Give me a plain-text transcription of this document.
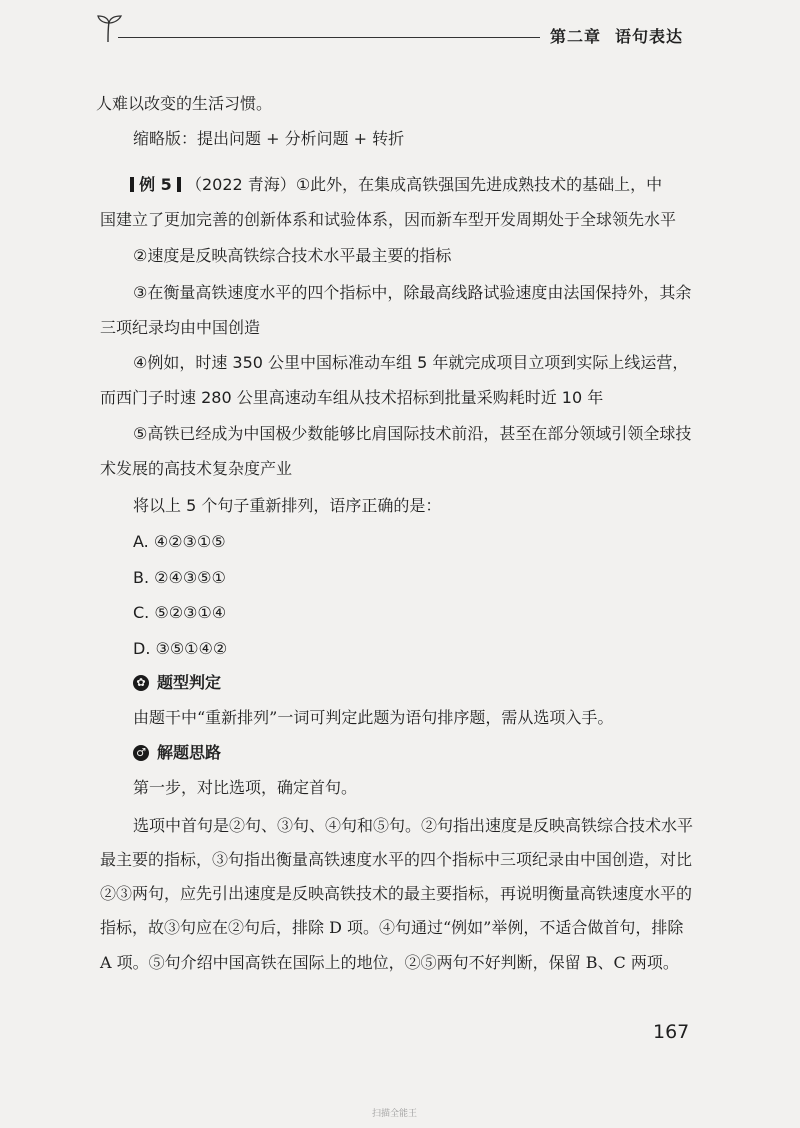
第二章 语句表达
人难以改变的生活习惯。
缩略版：提出问题 + 分析问题 + 转折
例 5 （2022 青海）①此外，在集成高铁强国先进成熟技术的基础上，中
国建立了更加完善的创新体系和试验体系，因而新车型开发周期处于全球领先水平
②速度是反映高铁综合技术水平最主要的指标
③在衡量高铁速度水平的四个指标中，除最高线路试验速度由法国保持外，其余
三项纪录均由中国创造
④例如，时速 350 公里中国标准动车组 5 年就完成项目立项到实际上线运营，
而西门子时速 280 公里高速动车组从技术招标到批量采购耗时近 10 年
⑤高铁已经成为中国极少数能够比肩国际技术前沿，甚至在部分领域引领全球技
术发展的高技术复杂度产业
将以上 5 个句子重新排列，语序正确的是：
A. ④②③①⑤
B. ②④③⑤①
C. ⑤②③①④
D. ③⑤①④②
✿ 题型判定
由题干中“重新排列”一词可判定此题为语句排序题，需从选项入手。
♂ 解题思路
第一步，对比选项，确定首句。
选项中首句是②句、③句、④句和⑤句。②句指出速度是反映高铁综合技术水平
最主要的指标，③句指出衡量高铁速度水平的四个指标中三项纪录由中国创造，对比
②③两句，应先引出速度是反映高铁技术的最主要指标，再说明衡量高铁速度水平的
指标，故③句应在②句后，排除 D 项。④句通过“例如”举例，不适合做首句，排除
A 项。⑤句介绍中国高铁在国际上的地位，②⑤两句不好判断，保留 B、C 两项。
167
扫描全能王
